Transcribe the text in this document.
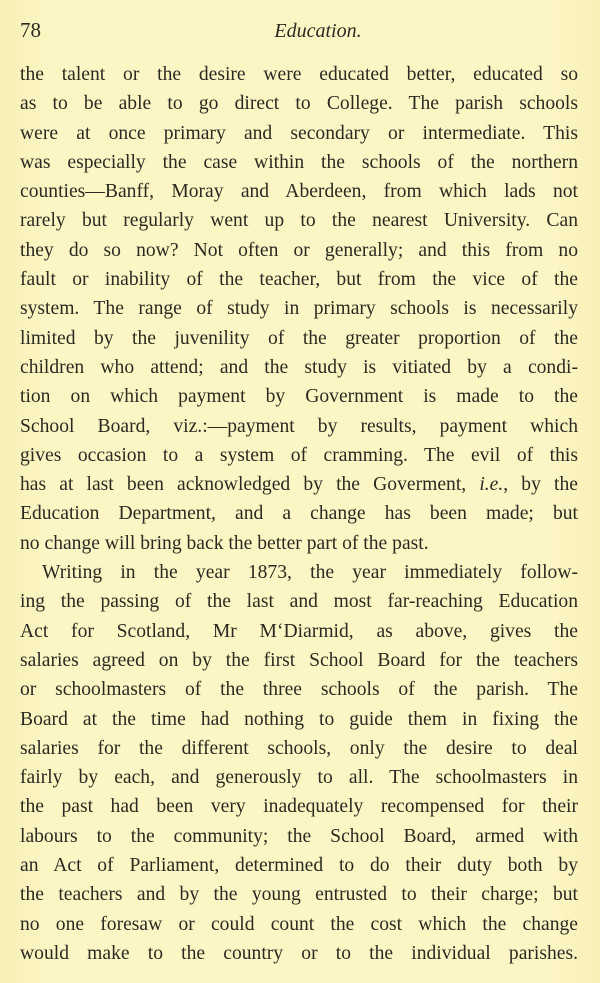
78	Education.
the talent or the desire were educated better, educated so
as to be able to go direct to College. The parish schools
were at once primary and secondary or intermediate. This
was especially the case within the schools of the northern
counties—Banff, Moray and Aberdeen, from which lads not
rarely but regularly went up to the nearest University. Can
they do so now? Not often or generally; and this from no
fault or inability of the teacher, but from the vice of the
system. The range of study in primary schools is necessarily
limited by the juvenility of the greater proportion of the
children who attend; and the study is vitiated by a condi-
tion on which payment by Government is made to the
School Board, viz.:—payment by results, payment which
gives occasion to a system of cramming. The evil of this
has at last been acknowledged by the Goverment, i.e., by the
Education Department, and a change has been made; but
no change will bring back the better part of the past.
Writing in the year 1873, the year immediately follow-
ing the passing of the last and most far-reaching Education
Act for Scotland, Mr M‘Diarmid, as above, gives the
salaries agreed on by the first School Board for the teachers
or schoolmasters of the three schools of the parish. The
Board at the time had nothing to guide them in fixing the
salaries for the different schools, only the desire to deal
fairly by each, and generously to all. The schoolmasters in
the past had been very inadequately recompensed for their
labours to the community; the School Board, armed with
an Act of Parliament, determined to do their duty both by
the teachers and by the young entrusted to their charge; but
no one foresaw or could count the cost which the change
would make to the country or to the individual parishes.
